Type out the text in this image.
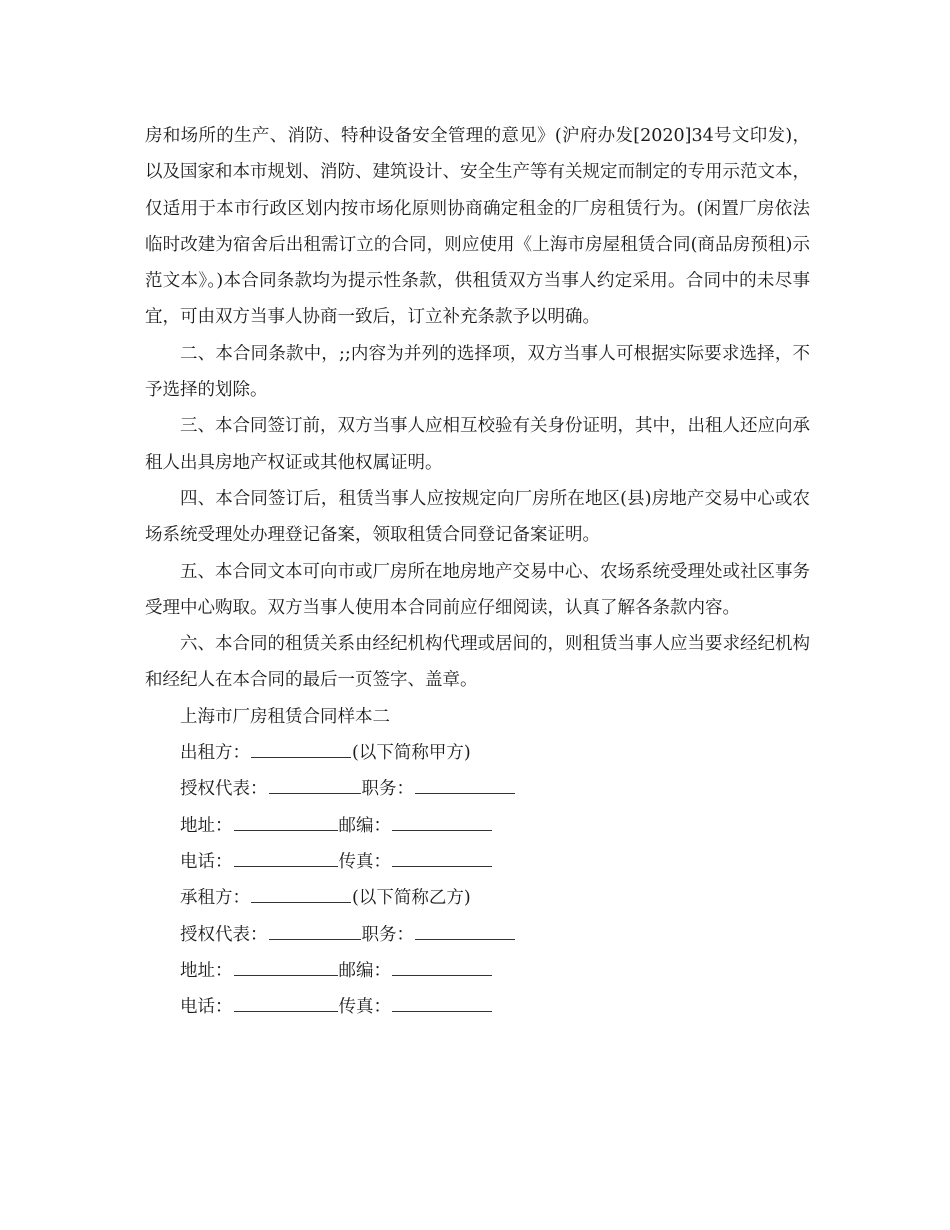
房和场所的生产、消防、特种设备安全管理的意见》(沪府办发[2020]34号文印发)，以及国家和本市规划、消防、建筑设计、安全生产等有关规定而制定的专用示范文本，仅适用于本市行政区划内按市场化原则协商确定租金的厂房租赁行为。(闲置厂房依法临时改建为宿舍后出租需订立的合同，则应使用《上海市房屋租赁合同(商品房预租)示范文本》。)本合同条款均为提示性条款，供租赁双方当事人约定采用。合同中的未尽事宜，可由双方当事人协商一致后，订立补充条款予以明确。

二、本合同条款中，;;内容为并列的选择项，双方当事人可根据实际要求选择，不予选择的划除。

三、本合同签订前，双方当事人应相互校验有关身份证明，其中，出租人还应向承租人出具房地产权证或其他权属证明。

四、本合同签订后，租赁当事人应按规定向厂房所在地区(县)房地产交易中心或农场系统受理处办理登记备案，领取租赁合同登记备案证明。

五、本合同文本可向市或厂房所在地房地产交易中心、农场系统受理处或社区事务受理中心购取。双方当事人使用本合同前应仔细阅读，认真了解各条款内容。

六、本合同的租赁关系由经纪机构代理或居间的，则租赁当事人应当要求经纪机构和经纪人在本合同的最后一页签字、盖章。

上海市厂房租赁合同样本二

出租方：	(以下简称甲方)

授权代表：	职务：

地址：	邮编：

电话：	传真：

承租方：	(以下简称乙方)

授权代表：	职务：

地址：	邮编：

电话：	传真：
